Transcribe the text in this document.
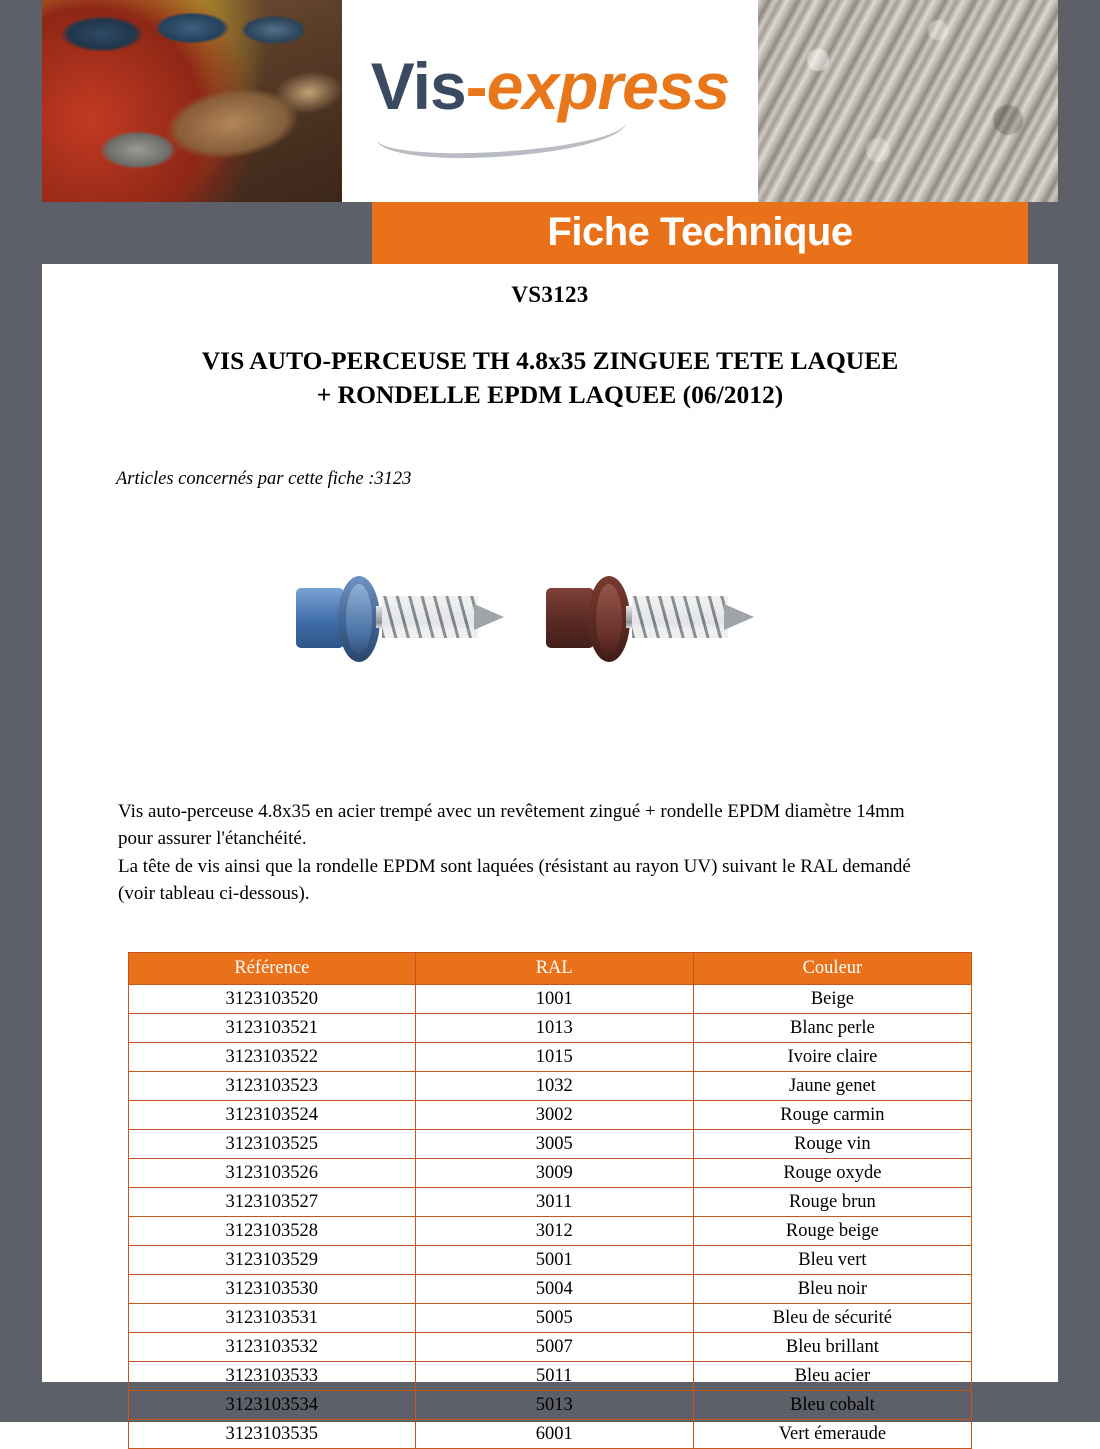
Vis-express
Fiche Technique
VS3123
VIS AUTO-PERCEUSE TH 4.8x35 ZINGUEE TETE LAQUEE
+ RONDELLE EPDM LAQUEE (06/2012)
Articles concernés par cette fiche :3123

Vis auto-perceuse 4.8x35 en acier trempé avec un revêtement zingué + rondelle EPDM diamètre 14mm

pour assurer l'étanchéité.

La tête de vis ainsi que la rondelle EPDM sont laquées (résistant au rayon UV) suivant le RAL demandé

(voir tableau ci-dessous).

Référence	RAL	Couleur
3123103520	1001	Beige
3123103521	1013	Blanc perle
3123103522	1015	Ivoire claire
3123103523	1032	Jaune genet
3123103524	3002	Rouge carmin
3123103525	3005	Rouge vin
3123103526	3009	Rouge oxyde
3123103527	3011	Rouge brun
3123103528	3012	Rouge beige
3123103529	5001	Bleu vert
3123103530	5004	Bleu noir
3123103531	5005	Bleu de sécurité
3123103532	5007	Bleu brillant
3123103533	5011	Bleu acier
3123103534	5013	Bleu cobalt
3123103535	6001	Vert émeraude
